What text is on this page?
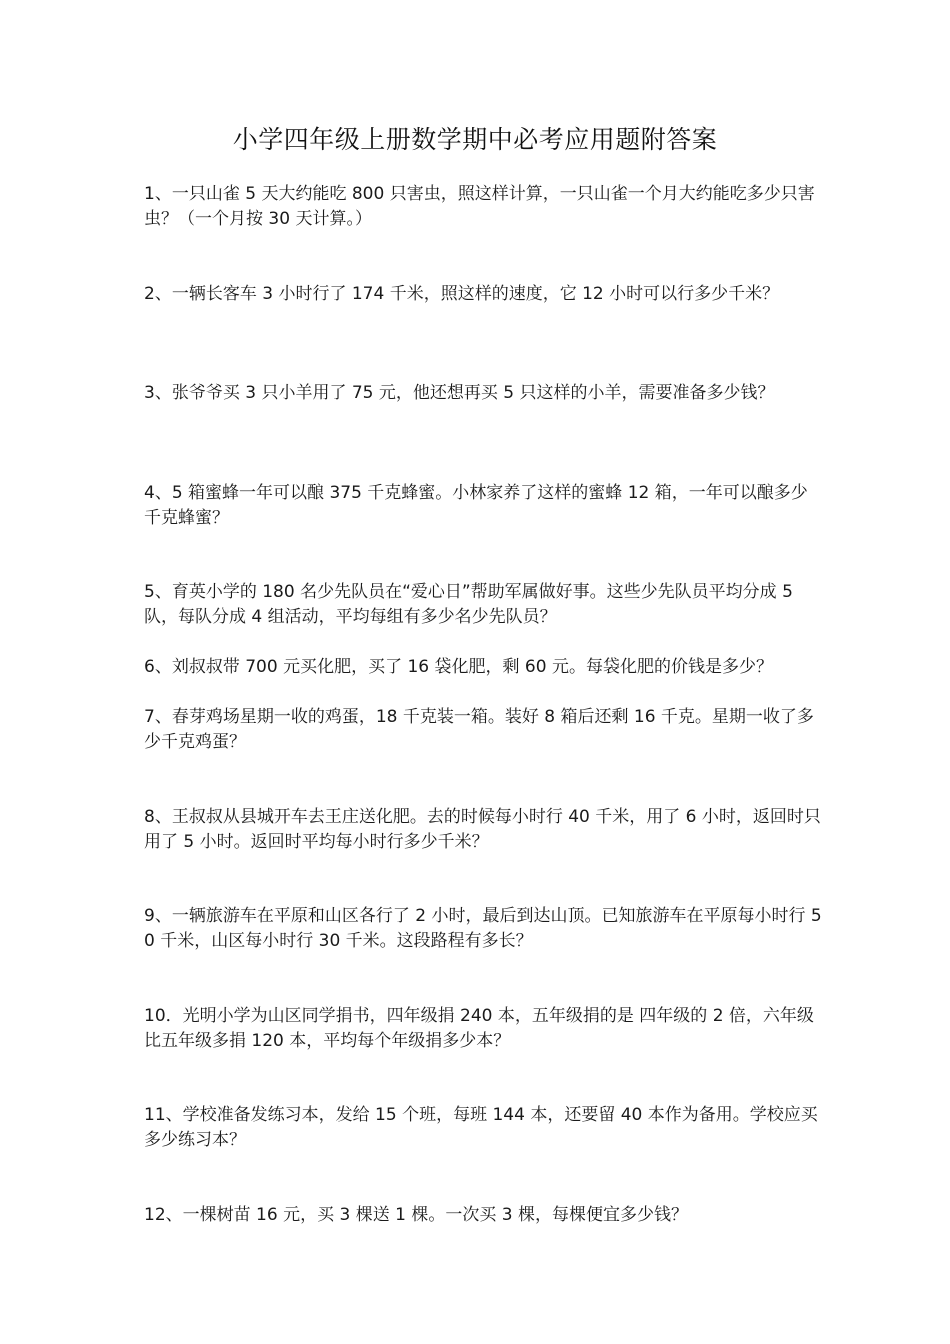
小学四年级上册数学期中必考应用题附答案

1、一只山雀 5 天大约能吃 800 只害虫，照这样计算，一只山雀一个月大约能吃多少只害虫？（一个月按 30 天计算。）

2、一辆长客车 3 小时行了 174 千米，照这样的速度，它 12 小时可以行多少千米？

3、张爷爷买 3 只小羊用了 75 元，他还想再买 5 只这样的小羊，需要准备多少钱？

4、5 箱蜜蜂一年可以酿 375 千克蜂蜜。小林家养了这样的蜜蜂 12 箱，一年可以酿多少千克蜂蜜？

5、育英小学的 180 名少先队员在“爱心日”帮助军属做好事。这些少先队员平均分成 5 队，每队分成 4 组活动，平均每组有多少名少先队员？

6、刘叔叔带 700 元买化肥，买了 16 袋化肥，剩 60 元。每袋化肥的价钱是多少？

7、春芽鸡场星期一收的鸡蛋，18 千克装一箱。装好 8 箱后还剩 16 千克。星期一收了多少千克鸡蛋？

8、王叔叔从县城开车去王庄送化肥。去的时候每小时行 40 千米，用了 6 小时，返回时只用了 5 小时。返回时平均每小时行多少千米？

9、一辆旅游车在平原和山区各行了 2 小时，最后到达山顶。已知旅游车在平原每小时行 50 千米，山区每小时行 30 千米。这段路程有多长？

10．光明小学为山区同学捐书，四年级捐 240 本，五年级捐的是 四年级的 2 倍，六年级比五年级多捐 120 本，平均每个年级捐多少本？

11、学校准备发练习本，发给 15 个班，每班 144 本，还要留 40 本作为备用。学校应买多少练习本？

12、一棵树苗 16 元，买 3 棵送 1 棵。一次买 3 棵，每棵便宜多少钱？
